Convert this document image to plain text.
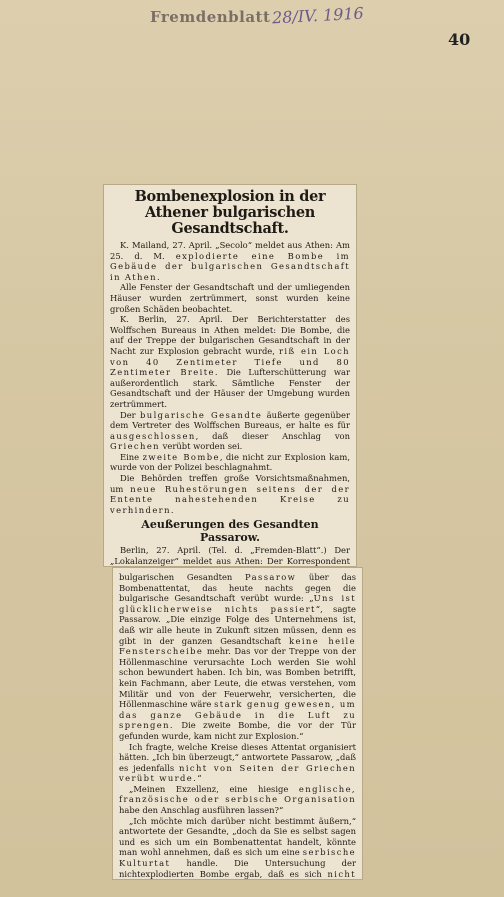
Fremdenblatt 28/IV. 1916
40
Bombenexplosion in der Athener bulgarischen Gesandtschaft.

K. Mailand, 27. April. „Secolo“ meldet aus Athen: Am 25. d. M. explodierte eine Bombe im Gebäude der bulgarischen Gesandtschaft in Athen.

Alle Fenster der Gesandtschaft und der umliegenden Häuser wurden zertrümmert, sonst wurden keine großen Schäden beobachtet.

K. Berlin, 27. April. Der Berichterstatter des Wolffschen Bureaus in Athen meldet: Die Bombe, die auf der Treppe der bulgarischen Gesandtschaft in der Nacht zur Explosion gebracht wurde, riß ein Loch von 40 Zentimeter Tiefe und 80 Zentimeter Breite. Die Lufterschütterung war außerordentlich stark. Sämtliche Fenster der Gesandtschaft und der Häuser der Umgebung wurden zertrümmert.

Der bulgarische Gesandte äußerte gegenüber dem Vertreter des Wolffschen Bureaus, er halte es für ausgeschlossen, daß dieser Anschlag von Griechen verübt worden sei.

Eine zweite Bombe, die nicht zur Explosion kam, wurde von der Polizei beschlagnahmt.

Die Behörden treffen große Vorsichtsmaßnahmen, um neue Ruhestörungen seitens der der Entente nahestehenden Kreise zu verhindern.

Aeußerungen des Gesandten Passarow.

Berlin, 27. April. (Tel. d. „Fremden-Blatt“.) Der „Lokalanzeiger“ meldet aus Athen: Der Korrespondent

bulgarischen Gesandten Passarow über das Bombenattentat, das heute nachts gegen die bulgarische Gesandtschaft verübt wurde: „Uns ist glücklicherweise nichts passiert“, sagte Passarow. „Die einzige Folge des Unternehmens ist, daß wir alle heute in Zukunft sitzen müssen, denn es gibt in der ganzen Gesandtschaft keine heile Fensterscheibe mehr. Das vor der Treppe von der Höllenmaschine verursachte Loch werden Sie wohl schon bewundert haben. Ich bin, was Bomben betrifft, kein Fachmann, aber Leute, die etwas verstehen, vom Militär und von der Feuerwehr, versicherten, die Höllenmaschine wäre stark genug gewesen, um das ganze Gebäude in die Luft zu sprengen. Die zweite Bombe, die vor der Tür gefunden wurde, kam nicht zur Explosion.“

Ich fragte, welche Kreise dieses Attentat organisiert hätten. „Ich bin überzeugt,“ antwortete Passarow, „daß es jedenfalls nicht von Seiten der Griechen verübt wurde.“

„Meinen Exzellenz, eine hiesige englische, französische oder serbische Organisation habe den Anschlag ausführen lassen?“

„Ich möchte mich darüber nicht bestimmt äußern,“ antwortete der Gesandte, „doch da Sie es selbst sagen und es sich um ein Bombenattentat handelt, könnte man wohl annehmen, daß es sich um eine serbische Kulturtat handle. Die Untersuchung der nichtexplodierten Bombe ergab, daß es sich nicht
